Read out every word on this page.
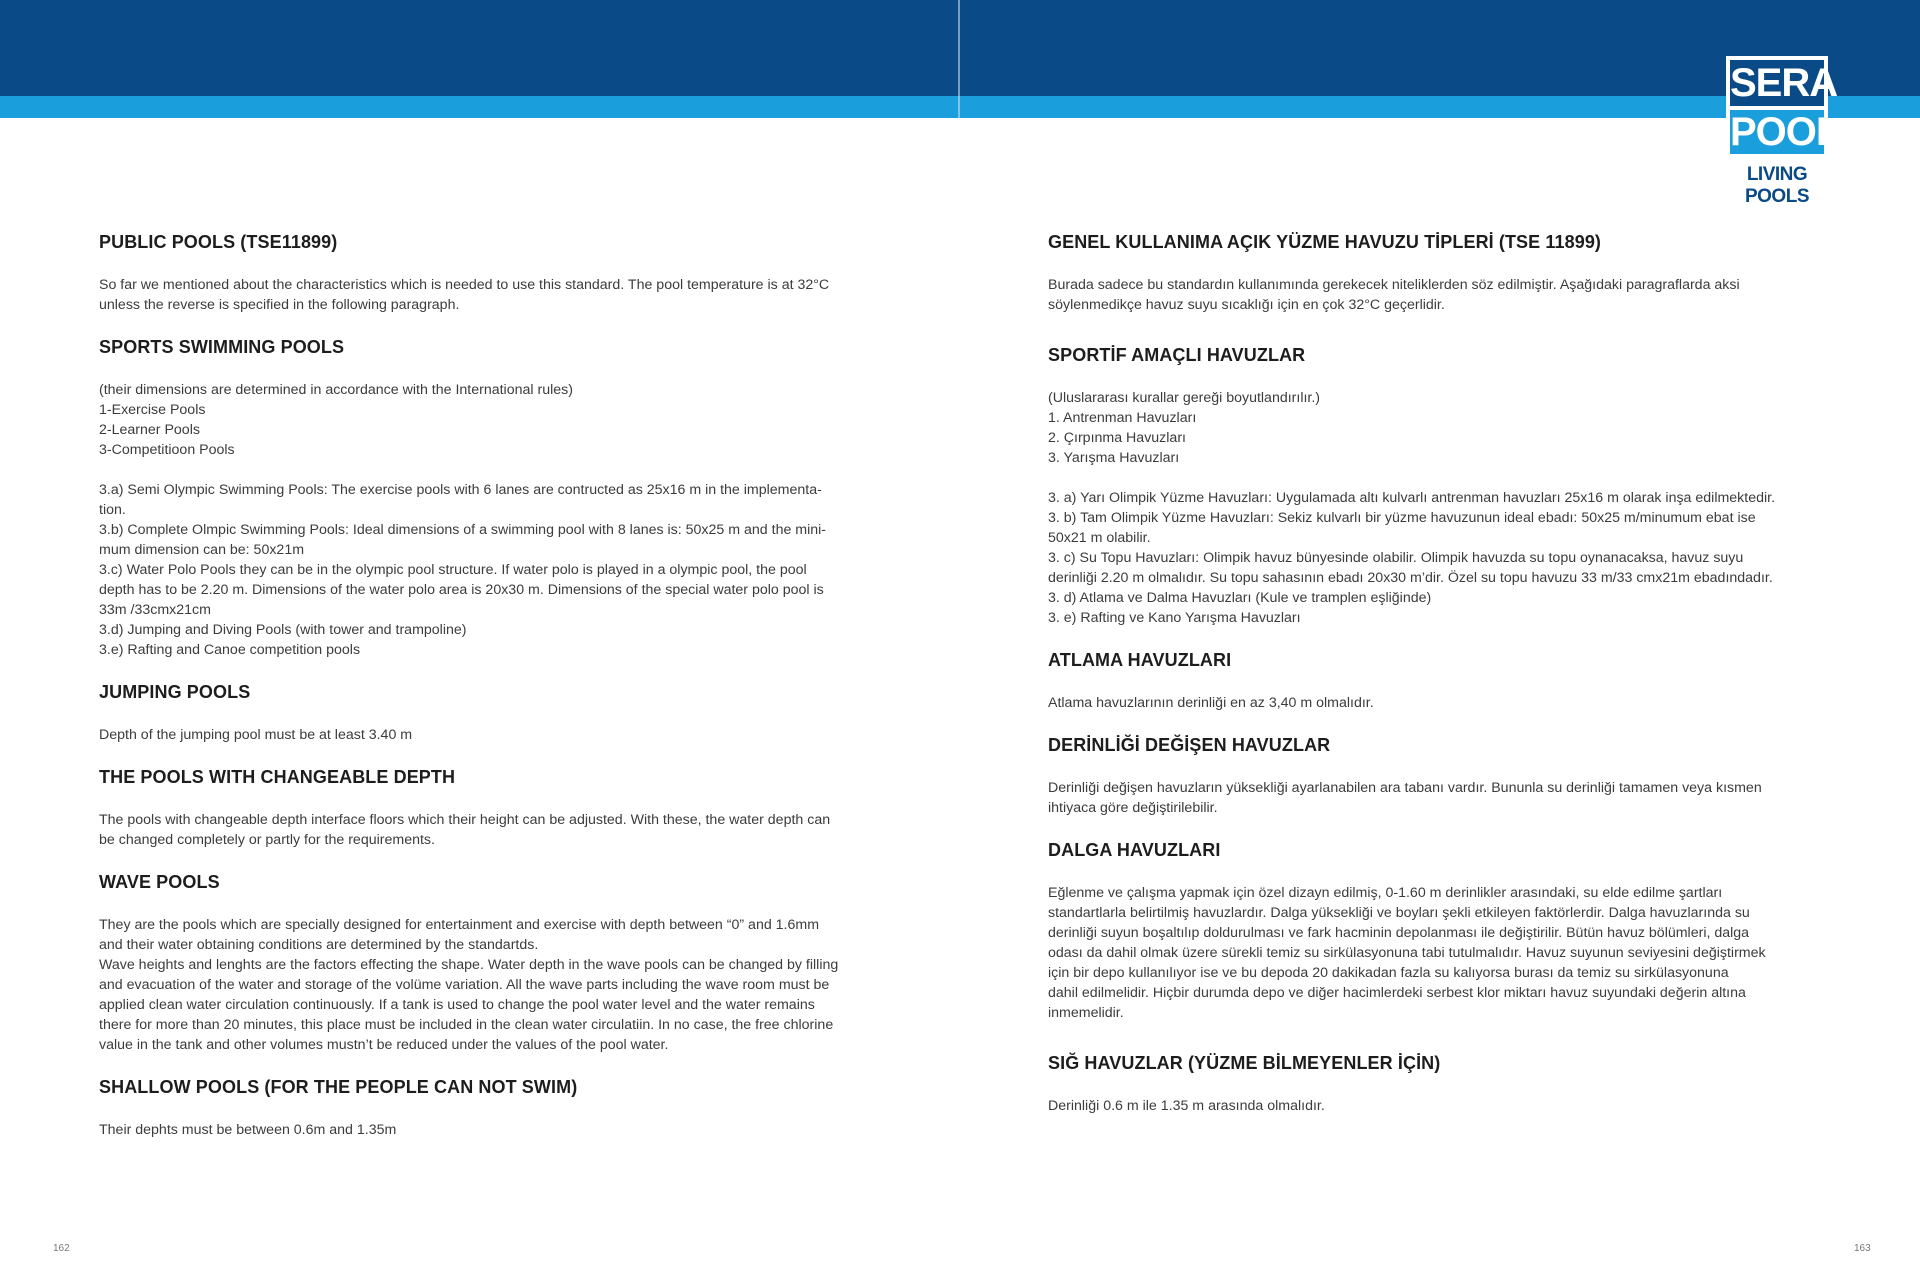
SERA
POOL
LIVING POOLS
PUBLIC POOLS (TSE11899)
So far we mentioned about the characteristics which is needed to use this standard. The pool temperature is at 32°C
unless the reverse is specified in the following paragraph.
SPORTS SWIMMING POOLS
(their dimensions are determined in accordance with the International rules)
1-Exercise Pools
2-Learner Pools
3-Competitioon Pools

3.a) Semi Olympic Swimming Pools: The exercise pools with 6 lanes are contructed as 25x16 m in the implementa-
tion.
3.b) Complete Olmpic Swimming Pools: Ideal dimensions of a swimming pool with 8 lanes is: 50x25 m and the mini-
mum dimension can be: 50x21m
3.c) Water Polo Pools they can be in the olympic pool structure. If water polo is played in a olympic pool, the pool
depth has to be 2.20 m. Dimensions of the water polo area is 20x30 m. Dimensions of the special water polo pool is
33m /33cmx21cm
3.d) Jumping and Diving Pools (with tower and trampoline)
3.e) Rafting and Canoe competition pools
JUMPING POOLS
Depth of the jumping pool must be at least 3.40 m
THE POOLS WITH CHANGEABLE DEPTH
The pools with changeable depth interface floors which their height can be adjusted. With these, the water depth can
be changed completely or partly for the requirements.
WAVE POOLS
They are the pools which are specially designed for entertainment and exercise with depth between “0” and 1.6mm
and their water obtaining conditions are determined by the standartds.
Wave heights and lenghts are the factors effecting the shape. Water depth in the wave pools can be changed by filling
and evacuation of the water and storage of the volüme variation. All the wave parts including the wave room must be
applied clean water circulation continuously. If a tank is used to change the pool water level and the water remains
there for more than 20 minutes, this place must be included in the clean water circulatiin. In no case, the free chlorine
value in the tank and other volumes mustn’t be reduced under the values of the pool water.
SHALLOW POOLS (FOR THE PEOPLE CAN NOT SWIM)
Their dephts must be between 0.6m and 1.35m
GENEL KULLANIMA AÇIK YÜZME HAVUZU TİPLERİ (TSE 11899)
Burada sadece bu standardın kullanımında gerekecek niteliklerden söz edilmiştir. Aşağıdaki paragraflarda aksi
söylenmedikçe havuz suyu sıcaklığı için en çok 32°C geçerlidir.
SPORTİF AMAÇLI HAVUZLAR
(Uluslararası kurallar gereği boyutlandırılır.)
1. Antrenman Havuzları
2. Çırpınma Havuzları
3. Yarışma Havuzları

3. a) Yarı Olimpik Yüzme Havuzları: Uygulamada altı kulvarlı antrenman havuzları 25x16 m olarak inşa edilmektedir.
3. b) Tam Olimpik Yüzme Havuzları: Sekiz kulvarlı bir yüzme havuzunun ideal ebadı: 50x25 m/minumum ebat ise
50x21 m olabilir.
3. c) Su Topu Havuzları: Olimpik havuz bünyesinde olabilir. Olimpik havuzda su topu oynanacaksa, havuz suyu
derinliği 2.20 m olmalıdır. Su topu sahasının ebadı 20x30 m’dir. Özel su topu havuzu 33 m/33 cmx21m ebadındadır.
3. d) Atlama ve Dalma Havuzları (Kule ve tramplen eşliğinde)
3. e) Rafting ve Kano Yarışma Havuzları
ATLAMA HAVUZLARI
Atlama havuzlarının derinliği en az 3,40 m olmalıdır.
DERİNLİĞİ DEĞİŞEN HAVUZLAR
Derinliği değişen havuzların yüksekliği ayarlanabilen ara tabanı vardır. Bununla su derinliği tamamen veya kısmen
ihtiyaca göre değiştirilebilir.
DALGA HAVUZLARI
Eğlenme ve çalışma yapmak için özel dizayn edilmiş, 0-1.60 m derinlikler arasındaki, su elde edilme şartları
standartlarla belirtilmiş havuzlardır. Dalga yüksekliği ve boyları şekli etkileyen faktörlerdir. Dalga havuzlarında su
derinliği suyun boşaltılıp doldurulması ve fark hacminin depolanması ile değiştirilir. Bütün havuz bölümleri, dalga
odası da dahil olmak üzere sürekli temiz su sirkülasyonuna tabi tutulmalıdır. Havuz suyunun seviyesini değiştirmek
için bir depo kullanılıyor ise ve bu depoda 20 dakikadan fazla su kalıyorsa burası da temiz su sirkülasyonuna
dahil edilmelidir. Hiçbir durumda depo ve diğer hacimlerdeki serbest klor miktarı havuz suyundaki değerin altına
inmemelidir.
SIĞ HAVUZLAR (YÜZME BİLMEYENLER İÇİN)
Derinliği 0.6 m ile 1.35 m arasında olmalıdır.
162	163
